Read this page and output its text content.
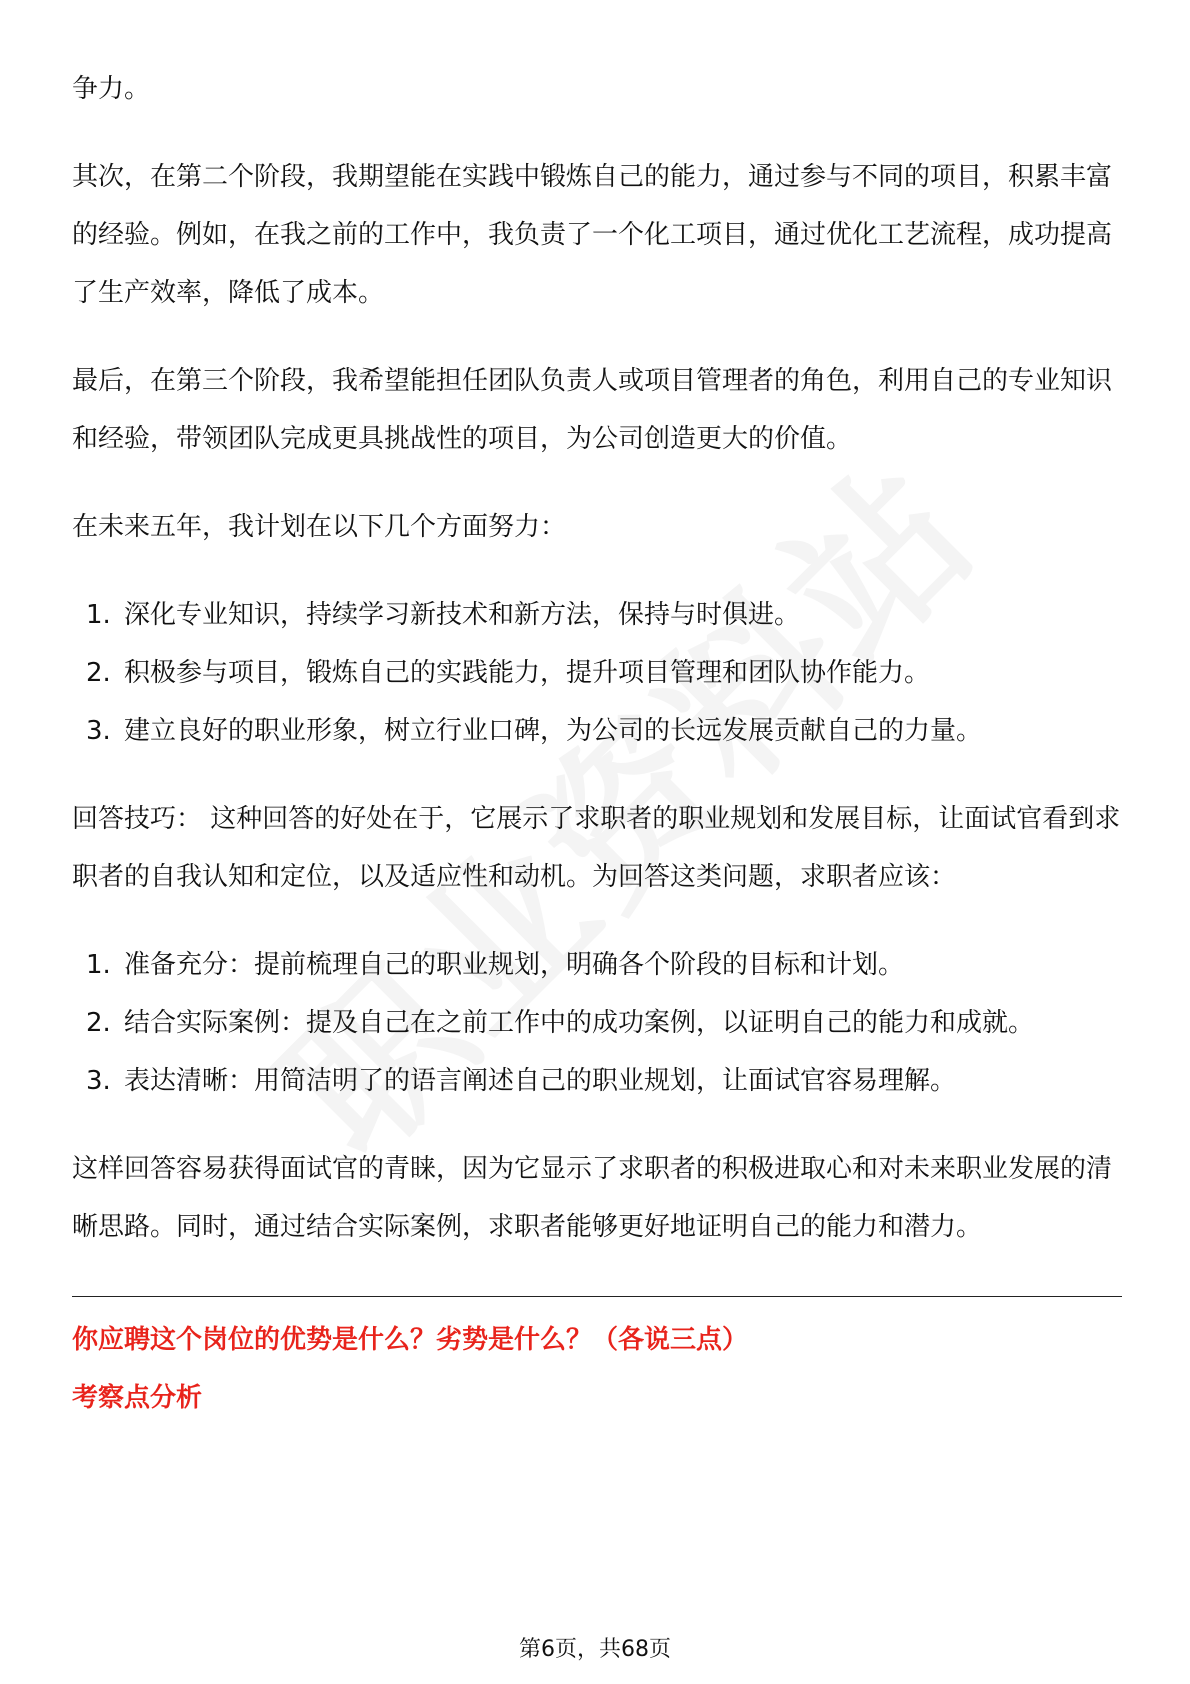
争力。

其次，在第二个阶段，我期望能在实践中锻炼自己的能力，通过参与不同的项目，积累丰富的经验。例如，在我之前的工作中，我负责了一个化工项目，通过优化工艺流程，成功提高了生产效率，降低了成本。

最后，在第三个阶段，我希望能担任团队负责人或项目管理者的角色，利用自己的专业知识和经验，带领团队完成更具挑战性的项目，为公司创造更大的价值。

在未来五年，我计划在以下几个方面努力：

1. 深化专业知识，持续学习新技术和新方法，保持与时俱进。
2. 积极参与项目，锻炼自己的实践能力，提升项目管理和团队协作能力。
3. 建立良好的职业形象，树立行业口碑，为公司的长远发展贡献自己的力量。

回答技巧： 这种回答的好处在于，它展示了求职者的职业规划和发展目标，让面试官看到求职者的自我认知和定位，以及适应性和动机。为回答这类问题，求职者应该：

1. 准备充分：提前梳理自己的职业规划，明确各个阶段的目标和计划。
2. 结合实际案例：提及自己在之前工作中的成功案例，以证明自己的能力和成就。
3. 表达清晰：用简洁明了的语言阐述自己的职业规划，让面试官容易理解。

这样回答容易获得面试官的青睐，因为它显示了求职者的积极进取心和对未来职业发展的清晰思路。同时，通过结合实际案例，求职者能够更好地证明自己的能力和潜力。

你应聘这个岗位的优势是什么？劣势是什么？（各说三点）

考察点分析

第6页，共68页
